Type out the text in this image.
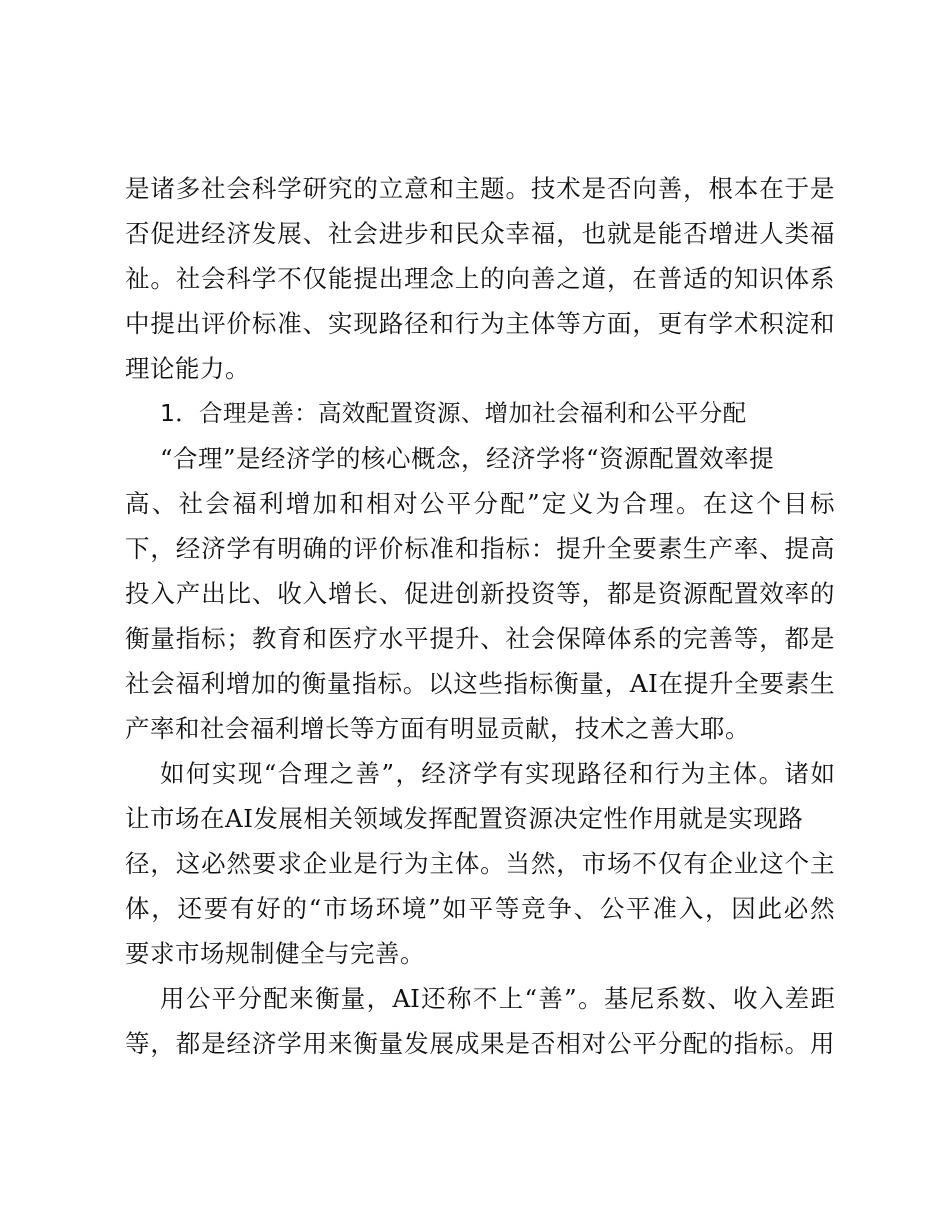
是诸多社会科学研究的立意和主题。技术是否向善，根本在于是
否促进经济发展、社会进步和民众幸福，也就是能否增进人类福
祉。社会科学不仅能提出理念上的向善之道，在普适的知识体系
中提出评价标准、实现路径和行为主体等方面，更有学术积淀和
理论能力。
1．合理是善：高效配置资源、增加社会福利和公平分配
“合理”是经济学的核心概念，经济学将“资源配置效率提
高、社会福利增加和相对公平分配”定义为合理。在这个目标
下，经济学有明确的评价标准和指标：提升全要素生产率、提高
投入产出比、收入增长、促进创新投资等，都是资源配置效率的
衡量指标；教育和医疗水平提升、社会保障体系的完善等，都是
社会福利增加的衡量指标。以这些指标衡量，AI在提升全要素生
产率和社会福利增长等方面有明显贡献，技术之善大耶。
如何实现“合理之善”，经济学有实现路径和行为主体。诸如
让市场在AI发展相关领域发挥配置资源决定性作用就是实现路
径，这必然要求企业是行为主体。当然，市场不仅有企业这个主
体，还要有好的“市场环境”如平等竞争、公平准入，因此必然
要求市场规制健全与完善。
用公平分配来衡量，AI还称不上“善”。基尼系数、收入差距
等，都是经济学用来衡量发展成果是否相对公平分配的指标。用
